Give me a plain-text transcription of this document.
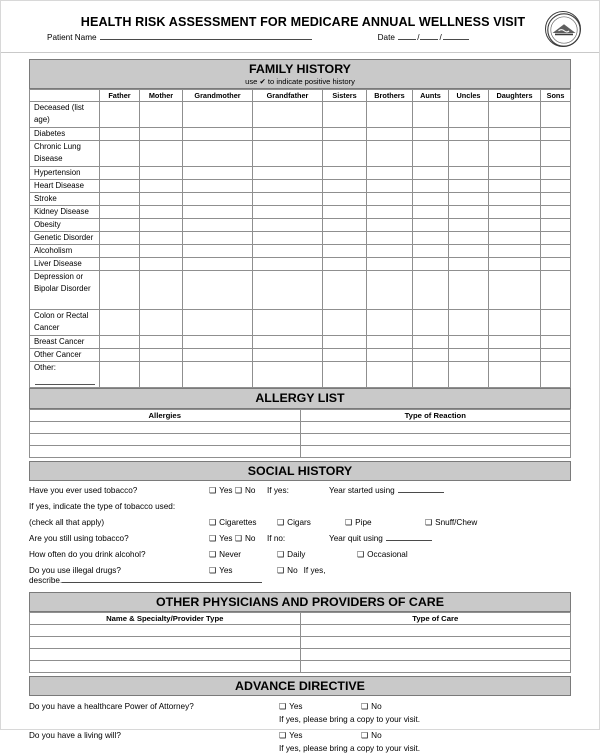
HEALTH RISK ASSESSMENT FOR MEDICARE ANNUAL WELLNESS VISIT
Patient Name	Date	/ /
FAMILY HISTORY
use ✔ to indicate positive history
	Father	Mother	Grandmother	Grandfather	Sisters	Brothers	Aunts	Uncles	Daughters	Sons
Deceased (list age)										
Diabetes										
Chronic Lung Disease										
Hypertension										
Heart Disease										
Stroke										
Kidney Disease										
Obesity										
Genetic Disorder										
Alcoholism										
Liver Disease										
Depression or Bipolar Disorder										
Colon or Rectal Cancer										
Breast Cancer										
Other Cancer										
Other:

ALLERGY LIST
Allergies	Type of Reaction

SOCIAL HISTORY
Have you ever used tobacco?	❑ Yes ❑ No	If yes:	Year started using
If yes, indicate the type of tobacco used:
(check all that apply)	❑ Cigarettes	❑ Cigars	❑ Pipe	❑ Snuff/Chew
Are you still using tobacco?	❑ Yes ❑ No	If no:	Year quit using
How often do you drink alcohol?	❑ Never	❑ Daily	❑ Occasional
Do you use illegal drugs?	❑ Yes	❑ No If yes,
describe.
OTHER PHYSICIANS AND PROVIDERS OF CARE
Name & Specialty/Provider Type	Type of Care

ADVANCE DIRECTIVE
Do you have a healthcare Power of Attorney?	❑ Yes	❑ No
If yes, please bring a copy to your visit.
Do you have a living will?	❑ Yes	❑ No
If yes, please bring a copy to your visit.
